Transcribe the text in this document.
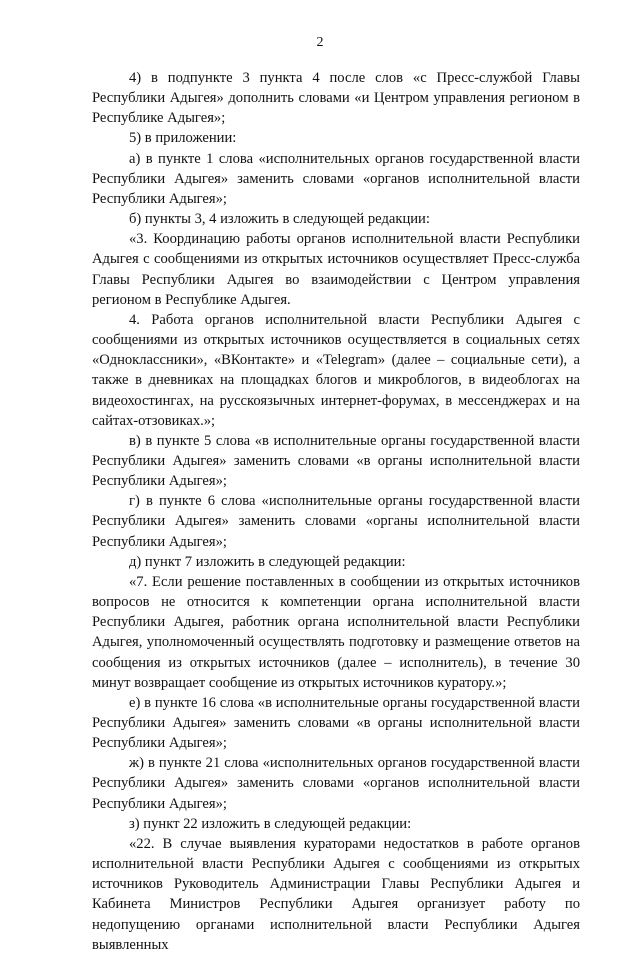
2

4) в подпункте 3 пункта 4 после слов «с Пресс-службой Главы Республики Адыгея» дополнить словами «и Центром управления регионом в Республике Адыгея»;

5) в приложении:

а) в пункте 1 слова «исполнительных органов государственной власти Республики Адыгея» заменить словами «органов исполнительной власти Республики Адыгея»;

б) пункты 3, 4 изложить в следующей редакции:

«3. Координацию работы органов исполнительной власти Республики Адыгея с сообщениями из открытых источников осуществляет Пресс-служба Главы Республики Адыгея во взаимодействии с Центром управления регионом в Республике Адыгея.

4. Работа органов исполнительной власти Республики Адыгея с сообщениями из открытых источников осуществляется в социальных сетях «Одноклассники», «ВКонтакте» и «Telegram» (далее – социальные сети), а также в дневниках на площадках блогов и микроблогов, в видеоблогах на видеохостингах, на русскоязычных интернет-форумах, в мессенджерах и на сайтах-отзовиках.»;

в) в пункте 5 слова «в исполнительные органы государственной власти Республики Адыгея» заменить словами «в органы исполнительной власти Республики Адыгея»;

г) в пункте 6 слова «исполнительные органы государственной власти Республики Адыгея» заменить словами «органы исполнительной власти Республики Адыгея»;

д) пункт 7 изложить в следующей редакции:

«7. Если решение поставленных в сообщении из открытых источников вопросов не относится к компетенции органа исполнительной власти Республики Адыгея, работник органа исполнительной власти Республики Адыгея, уполномоченный осуществлять подготовку и размещение ответов на сообщения из открытых источников (далее – исполнитель), в течение 30 минут возвращает сообщение из открытых источников куратору.»;

е) в пункте 16 слова «в исполнительные органы государственной власти Республики Адыгея» заменить словами «в органы исполнительной власти Республики Адыгея»;

ж) в пункте 21 слова «исполнительных органов государственной власти Республики Адыгея» заменить словами «органов исполнительной власти Республики Адыгея»;

з) пункт 22 изложить в следующей редакции:

«22. В случае выявления кураторами недостатков в работе органов исполнительной власти Республики Адыгея с сообщениями из открытых источников Руководитель Администрации Главы Республики Адыгея и Кабинета Министров Республики Адыгея организует работу по недопущению органами исполнительной власти Республики Адыгея выявленных
